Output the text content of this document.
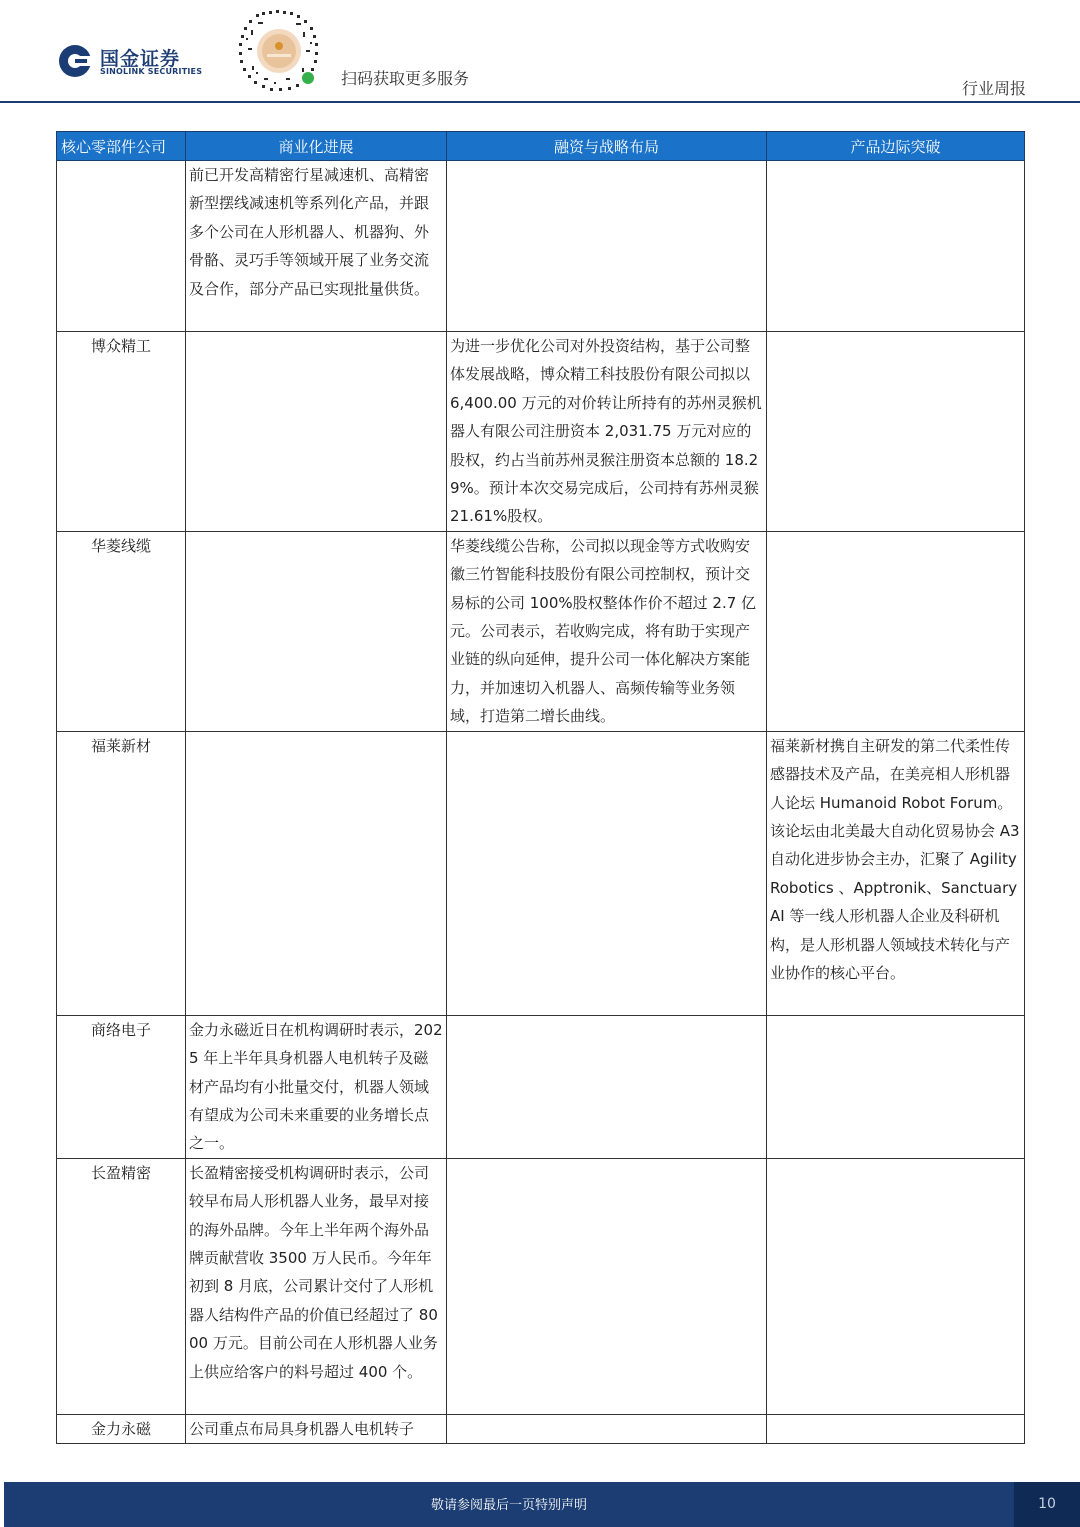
国金证券
SINOLINK SECURITIES	扫码获取更多服务
行业周报
核心零部件公司	商业化进展	融资与战略布局	产品边际突破
	前已开发高精密行星减速机、高精密新型摆线减速机等系列化产品，并跟多个公司在人形机器人、机器狗、外骨骼、灵巧手等领域开展了业务交流及合作，部分产品已实现批量供货。		
博众精工		为进一步优化公司对外投资结构，基于公司整体发展战略，博众精工科技股份有限公司拟以 6,400.00 万元的对价转让所持有的苏州灵猴机器人有限公司注册资本 2,031.75 万元对应的股权，约占当前苏州灵猴注册资本总额的 18.29%。预计本次交易完成后，公司持有苏州灵猴 21.61%股权。	
华菱线缆		华菱线缆公告称，公司拟以现金等方式收购安徽三竹智能科技股份有限公司控制权，预计交易标的公司 100%股权整体作价不超过 2.7 亿元。公司表示，若收购完成，将有助于实现产业链的纵向延伸，提升公司一体化解决方案能力，并加速切入机器人、高频传输等业务领域，打造第二增长曲线。	
福莱新材			福莱新材携自主研发的第二代柔性传感器技术及产品，在美亮相人形机器人论坛 Humanoid Robot Forum。该论坛由北美最大自动化贸易协会 A3 自动化进步协会主办，汇聚了 Agility Robotics 、Apptronik、Sanctuary AI 等一线人形机器人企业及科研机构，是人形机器人领域技术转化与产业协作的核心平台。
商络电子	金力永磁近日在机构调研时表示，2025 年上半年具身机器人电机转子及磁材产品均有小批量交付，机器人领域有望成为公司未来重要的业务增长点之一。		
长盈精密	长盈精密接受机构调研时表示，公司较早布局人形机器人业务，最早对接的海外品牌。今年上半年两个海外品牌贡献营收 3500 万人民币。今年年初到 8 月底，公司累计交付了人形机器人结构件产品的价值已经超过了 8000 万元。目前公司在人形机器人业务上供应给客户的料号超过 400 个。		
金力永磁	公司重点布局具身机器人电机转子		
敬请参阅最后一页特别声明	10
